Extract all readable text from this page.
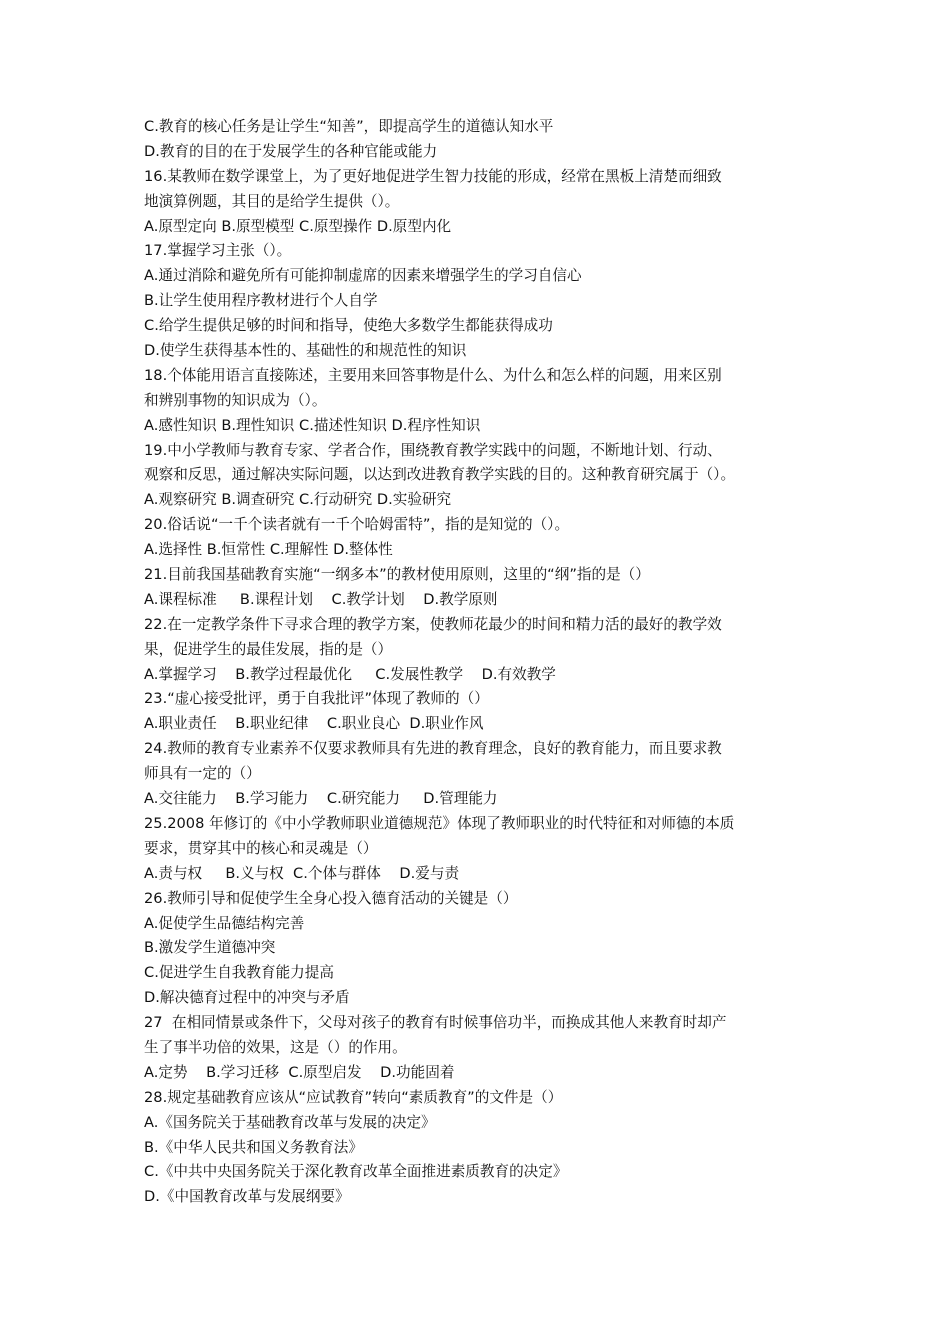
C.教育的核心任务是让学生“知善”，即提高学生的道德认知水平
D.教育的目的在于发展学生的各种官能或能力
16.某教师在数学课堂上，为了更好地促进学生智力技能的形成，经常在黑板上清楚而细致
地演算例题，其目的是给学生提供（）。
A.原型定向 B.原型模型 C.原型操作 D.原型内化
17.掌握学习主张（）。
A.通过消除和避免所有可能抑制虚席的因素来增强学生的学习自信心
B.让学生使用程序教材进行个人自学
C.给学生提供足够的时间和指导，使绝大多数学生都能获得成功
D.使学生获得基本性的、基础性的和规范性的知识
18.个体能用语言直接陈述，主要用来回答事物是什么、为什么和怎么样的问题，用来区别
和辨别事物的知识成为（）。
A.感性知识 B.理性知识 C.描述性知识 D.程序性知识
19.中小学教师与教育专家、学者合作，围绕教育教学实践中的问题，不断地计划、行动、
观察和反思，通过解决实际问题，以达到改进教育教学实践的目的。这种教育研究属于（）。
A.观察研究 B.调查研究 C.行动研究 D.实验研究
20.俗话说“一千个读者就有一千个哈姆雷特”，指的是知觉的（）。
A.选择性 B.恒常性 C.理解性 D.整体性
21.目前我国基础教育实施“一纲多本”的教材使用原则，这里的“纲”指的是（）
A.课程标准     B.课程计划    C.教学计划    D.教学原则
22.在一定教学条件下寻求合理的教学方案，使教师花最少的时间和精力活的最好的教学效
果，促进学生的最佳发展，指的是（）
A.掌握学习    B.教学过程最优化     C.发展性教学    D.有效教学
23.“虚心接受批评，勇于自我批评”体现了教师的（）
A.职业责任    B.职业纪律    C.职业良心  D.职业作风
24.教师的教育专业素养不仅要求教师具有先进的教育理念，良好的教育能力，而且要求教
师具有一定的（）
A.交往能力    B.学习能力    C.研究能力     D.管理能力
25.2008 年修订的《中小学教师职业道德规范》体现了教师职业的时代特征和对师德的本质
要求，贯穿其中的核心和灵魂是（）
A.责与权     B.义与权  C.个体与群体    D.爱与责
26.教师引导和促使学生全身心投入德育活动的关键是（）
A.促使学生品德结构完善
B.激发学生道德冲突
C.促进学生自我教育能力提高
D.解决德育过程中的冲突与矛盾
27  在相同情景或条件下，父母对孩子的教育有时候事倍功半，而换成其他人来教育时却产
生了事半功倍的效果，这是（）的作用。
A.定势    B.学习迁移  C.原型启发    D.功能固着
28.规定基础教育应该从“应试教育”转向“素质教育”的文件是（）
A.《国务院关于基础教育改革与发展的决定》
B.《中华人民共和国义务教育法》
C.《中共中央国务院关于深化教育改革全面推进素质教育的决定》
D.《中国教育改革与发展纲要》
